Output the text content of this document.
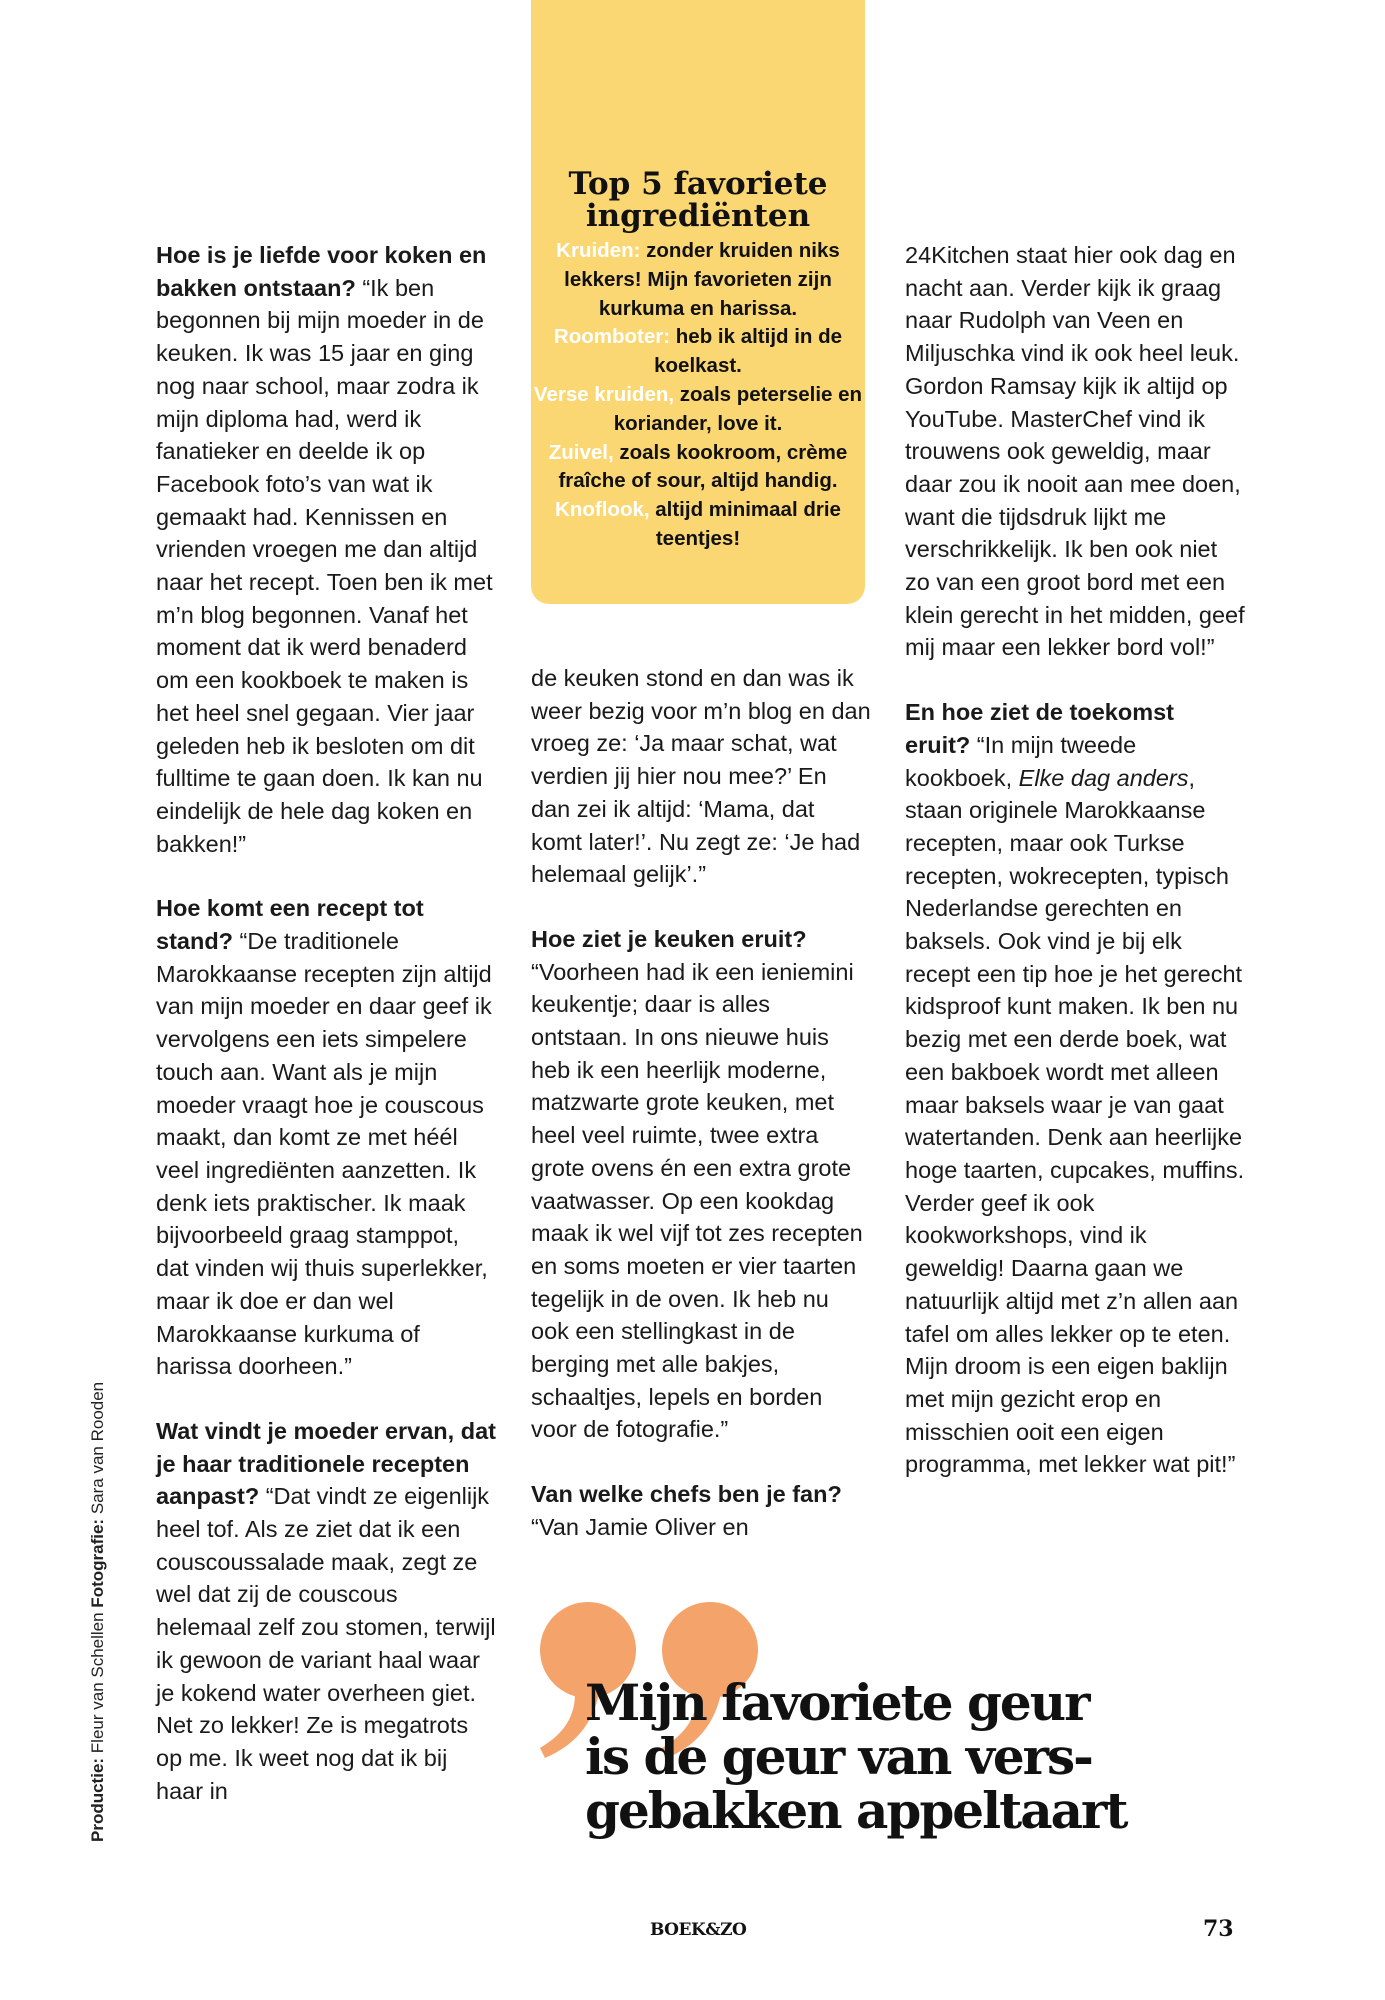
Top 5 favoriete ingrediënten
Kruiden: zonder kruiden niks lekkers! Mijn favorieten zijn kurkuma en harissa.
Roomboter: heb ik altijd in de koelkast.
Verse kruiden, zoals peterselie en koriander, love it.
Zuivel, zoals kookroom, crème fraîche of sour, altijd handig.
Knoflook, altijd minimaal drie teentjes!

Hoe is je liefde voor koken en bakken ontstaan? “Ik ben begonnen bij mijn moeder in de keuken. Ik was 15 jaar en ging nog naar school, maar zodra ik mijn diploma had, werd ik fanatieker en deelde ik op Facebook foto’s van wat ik gemaakt had. Kennissen en vrienden vroegen me dan altijd naar het recept. Toen ben ik met m’n blog begonnen. Vanaf het moment dat ik werd benaderd om een kookboek te maken is het heel snel gegaan. Vier jaar geleden heb ik besloten om dit fulltime te gaan doen. Ik kan nu eindelijk de hele dag koken en bakken!”

Hoe komt een recept tot stand? “De traditionele Marokkaanse recepten zijn altijd van mijn moeder en daar geef ik vervolgens een iets simpelere touch aan. Want als je mijn moeder vraagt hoe je couscous maakt, dan komt ze met héél veel ingrediënten aanzetten. Ik denk iets praktischer. Ik maak bijvoorbeeld graag stamppot, dat vinden wij thuis superlekker, maar ik doe er dan wel Marokkaanse kurkuma of harissa doorheen.”

Wat vindt je moeder ervan, dat je haar traditionele recepten aanpast? “Dat vindt ze eigenlijk heel tof. Als ze ziet dat ik een couscoussalade maak, zegt ze wel dat zij de couscous helemaal zelf zou stomen, terwijl ik gewoon de variant haal waar je kokend water overheen giet. Net zo lekker! Ze is megatrots op me. Ik weet nog dat ik bij haar in

de keuken stond en dan was ik weer bezig voor m’n blog en dan vroeg ze: ‘Ja maar schat, wat verdien jij hier nou mee?’ En dan zei ik altijd: ‘Mama, dat komt later!’. Nu zegt ze: ‘Je had helemaal gelijk’.”

Hoe ziet je keuken eruit? “Voorheen had ik een ieniemini keukentje; daar is alles ontstaan. In ons nieuwe huis heb ik een heerlijk moderne, matzwarte grote keuken, met heel veel ruimte, twee extra grote ovens én een extra grote vaatwasser. Op een kookdag maak ik wel vijf tot zes recepten en soms moeten er vier taarten tegelijk in de oven. Ik heb nu ook een stellingkast in de berging met alle bakjes, schaaltjes, lepels en borden voor de fotografie.”

Van welke chefs ben je fan? “Van Jamie Oliver en

24Kitchen staat hier ook dag en nacht aan. Verder kijk ik graag naar Rudolph van Veen en Miljuschka vind ik ook heel leuk. Gordon Ramsay kijk ik altijd op YouTube. MasterChef vind ik trouwens ook geweldig, maar daar zou ik nooit aan mee doen, want die tijdsdruk lijkt me verschrikkelijk. Ik ben ook niet zo van een groot bord met een klein gerecht in het midden, geef mij maar een lekker bord vol!”

En hoe ziet de toekomst eruit? “In mijn tweede kookboek, Elke dag anders, staan originele Marokkaanse recepten, maar ook Turkse recepten, wokrecepten, typisch Nederlandse gerechten en baksels. Ook vind je bij elk recept een tip hoe je het gerecht kidsproof kunt maken. Ik ben nu bezig met een derde boek, wat een bakboek wordt met alleen maar baksels waar je van gaat watertanden. Denk aan heerlijke hoge taarten, cupcakes, muffins. Verder geef ik ook kookworkshops, vind ik geweldig! Daarna gaan we natuurlijk altijd met z’n allen aan tafel om alles lekker op te eten. Mijn droom is een eigen baklijn met mijn gezicht erop en misschien ooit een eigen programma, met lekker wat pit!”

Mijn favoriete geur
is de geur van vers-
gebakken appeltaart
Productie: Fleur van Schellen Fotografie: Sara van Rooden
BOEK&ZO	73
